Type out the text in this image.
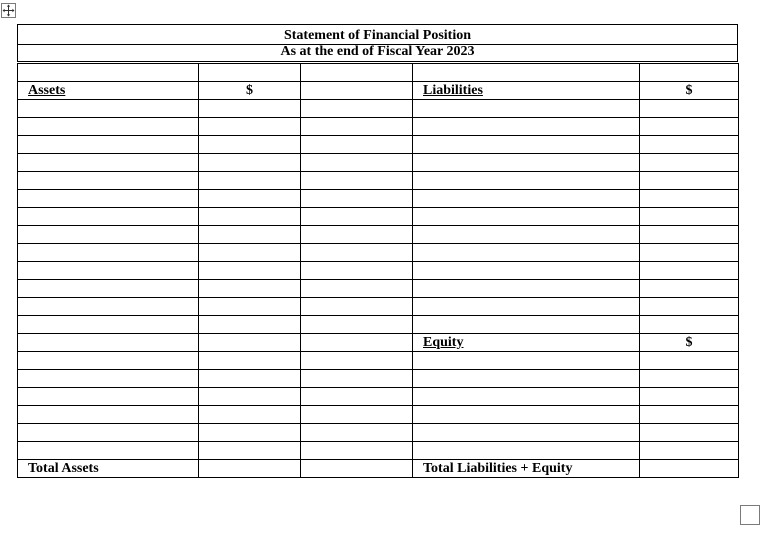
Statement of Financial Position
As at the end of Fiscal Year 2023

Assets	$		Liabilities	$

			Equity	$

Total Assets			Total Liabilities + Equity	
